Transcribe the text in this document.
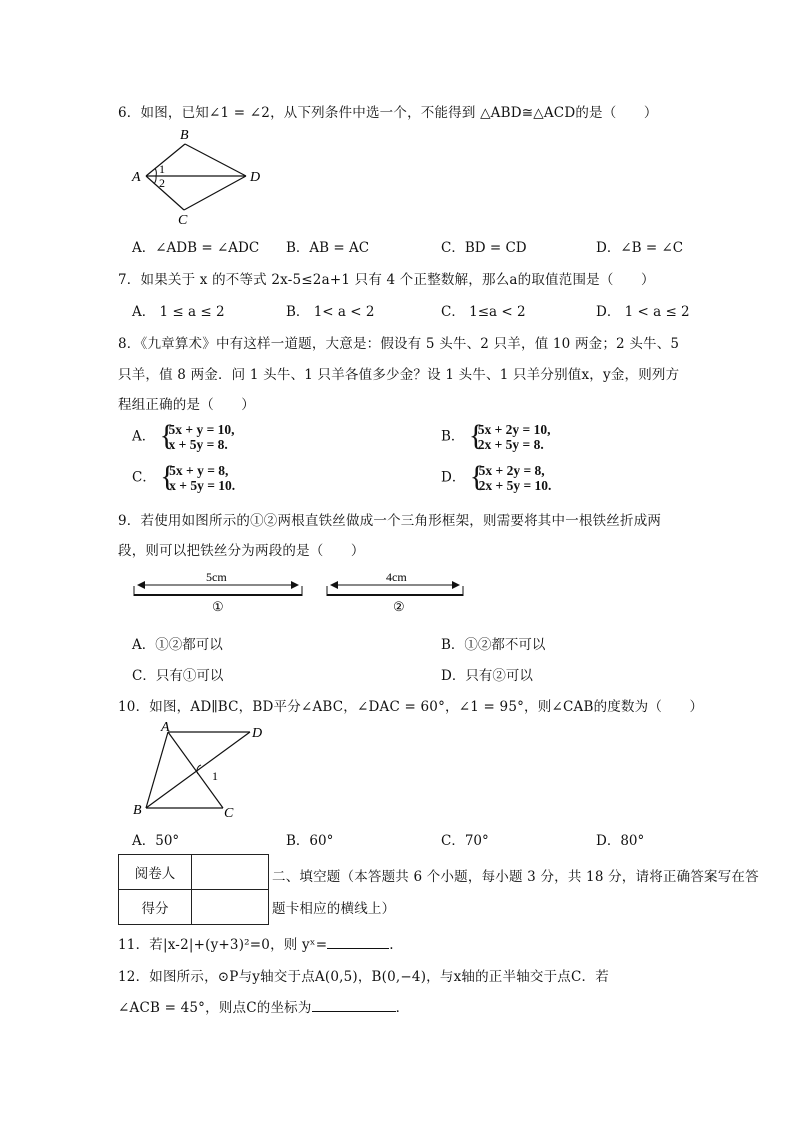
6．如图，已知∠1 = ∠2，从下列条件中选一个，不能得到 △ABD≅△ACD的是（　　）
A
B
C
D
1
2
A．∠ADB = ∠ADC B．AB = AC	C．BD = CD	D．∠B = ∠C
7．如果关于 x 的不等式 2x-5≤2a+1 只有 4 个正整数解，那么a的取值范围是（　　）
A． 1 ≤ a ≤ 2	B． 1< a < 2	C． 1≤a < 2	D． 1 < a ≤ 2
8．《九章算术》中有这样一道题，大意是：假设有 5 头牛、2 只羊，值 10 两金；2 头牛、5
只羊，值 8 两金．问 1 头牛、1 只羊各值多少金？设 1 头牛、1 只羊分别值x，y金，则列方
程组正确的是（　　）
A． {
5x + y = 10,
x + 5y = 8.	B． {
5x + 2y = 10,
2x + 5y = 8.
C． {
5x + y = 8,
x + 5y = 10.	D． {
5x + 2y = 8,
2x + 5y = 10.
9．若使用如图所示的①②两根直铁丝做成一个三角形框架，则需要将其中一根铁丝折成两
段，则可以把铁丝分为两段的是（　　）
5cm
①
4cm
②
A．①②都可以	B．①②都不可以
C．只有①可以	D．只有②可以
10．如图，AD∥BC，BD平分∠ABC，∠DAC = 60°，∠1 = 95°，则∠CAB的度数为（　　）
A	D
B	C
1
A．50°	B．60°	C．70°	D．80°
阅卷人	
得分	
二、填空题（本答题共 6 个小题，每小题 3 分，共 18 分，请将正确答案写在答
题卡相应的横线上）
11．若|x-2|+(y+3)²=0，则 yˣ=	.
12．如图所示，⊙P与y轴交于点A(0,5)，B(0,−4)，与x轴的正半轴交于点C．若
∠ACB = 45°，则点C的坐标为	．
